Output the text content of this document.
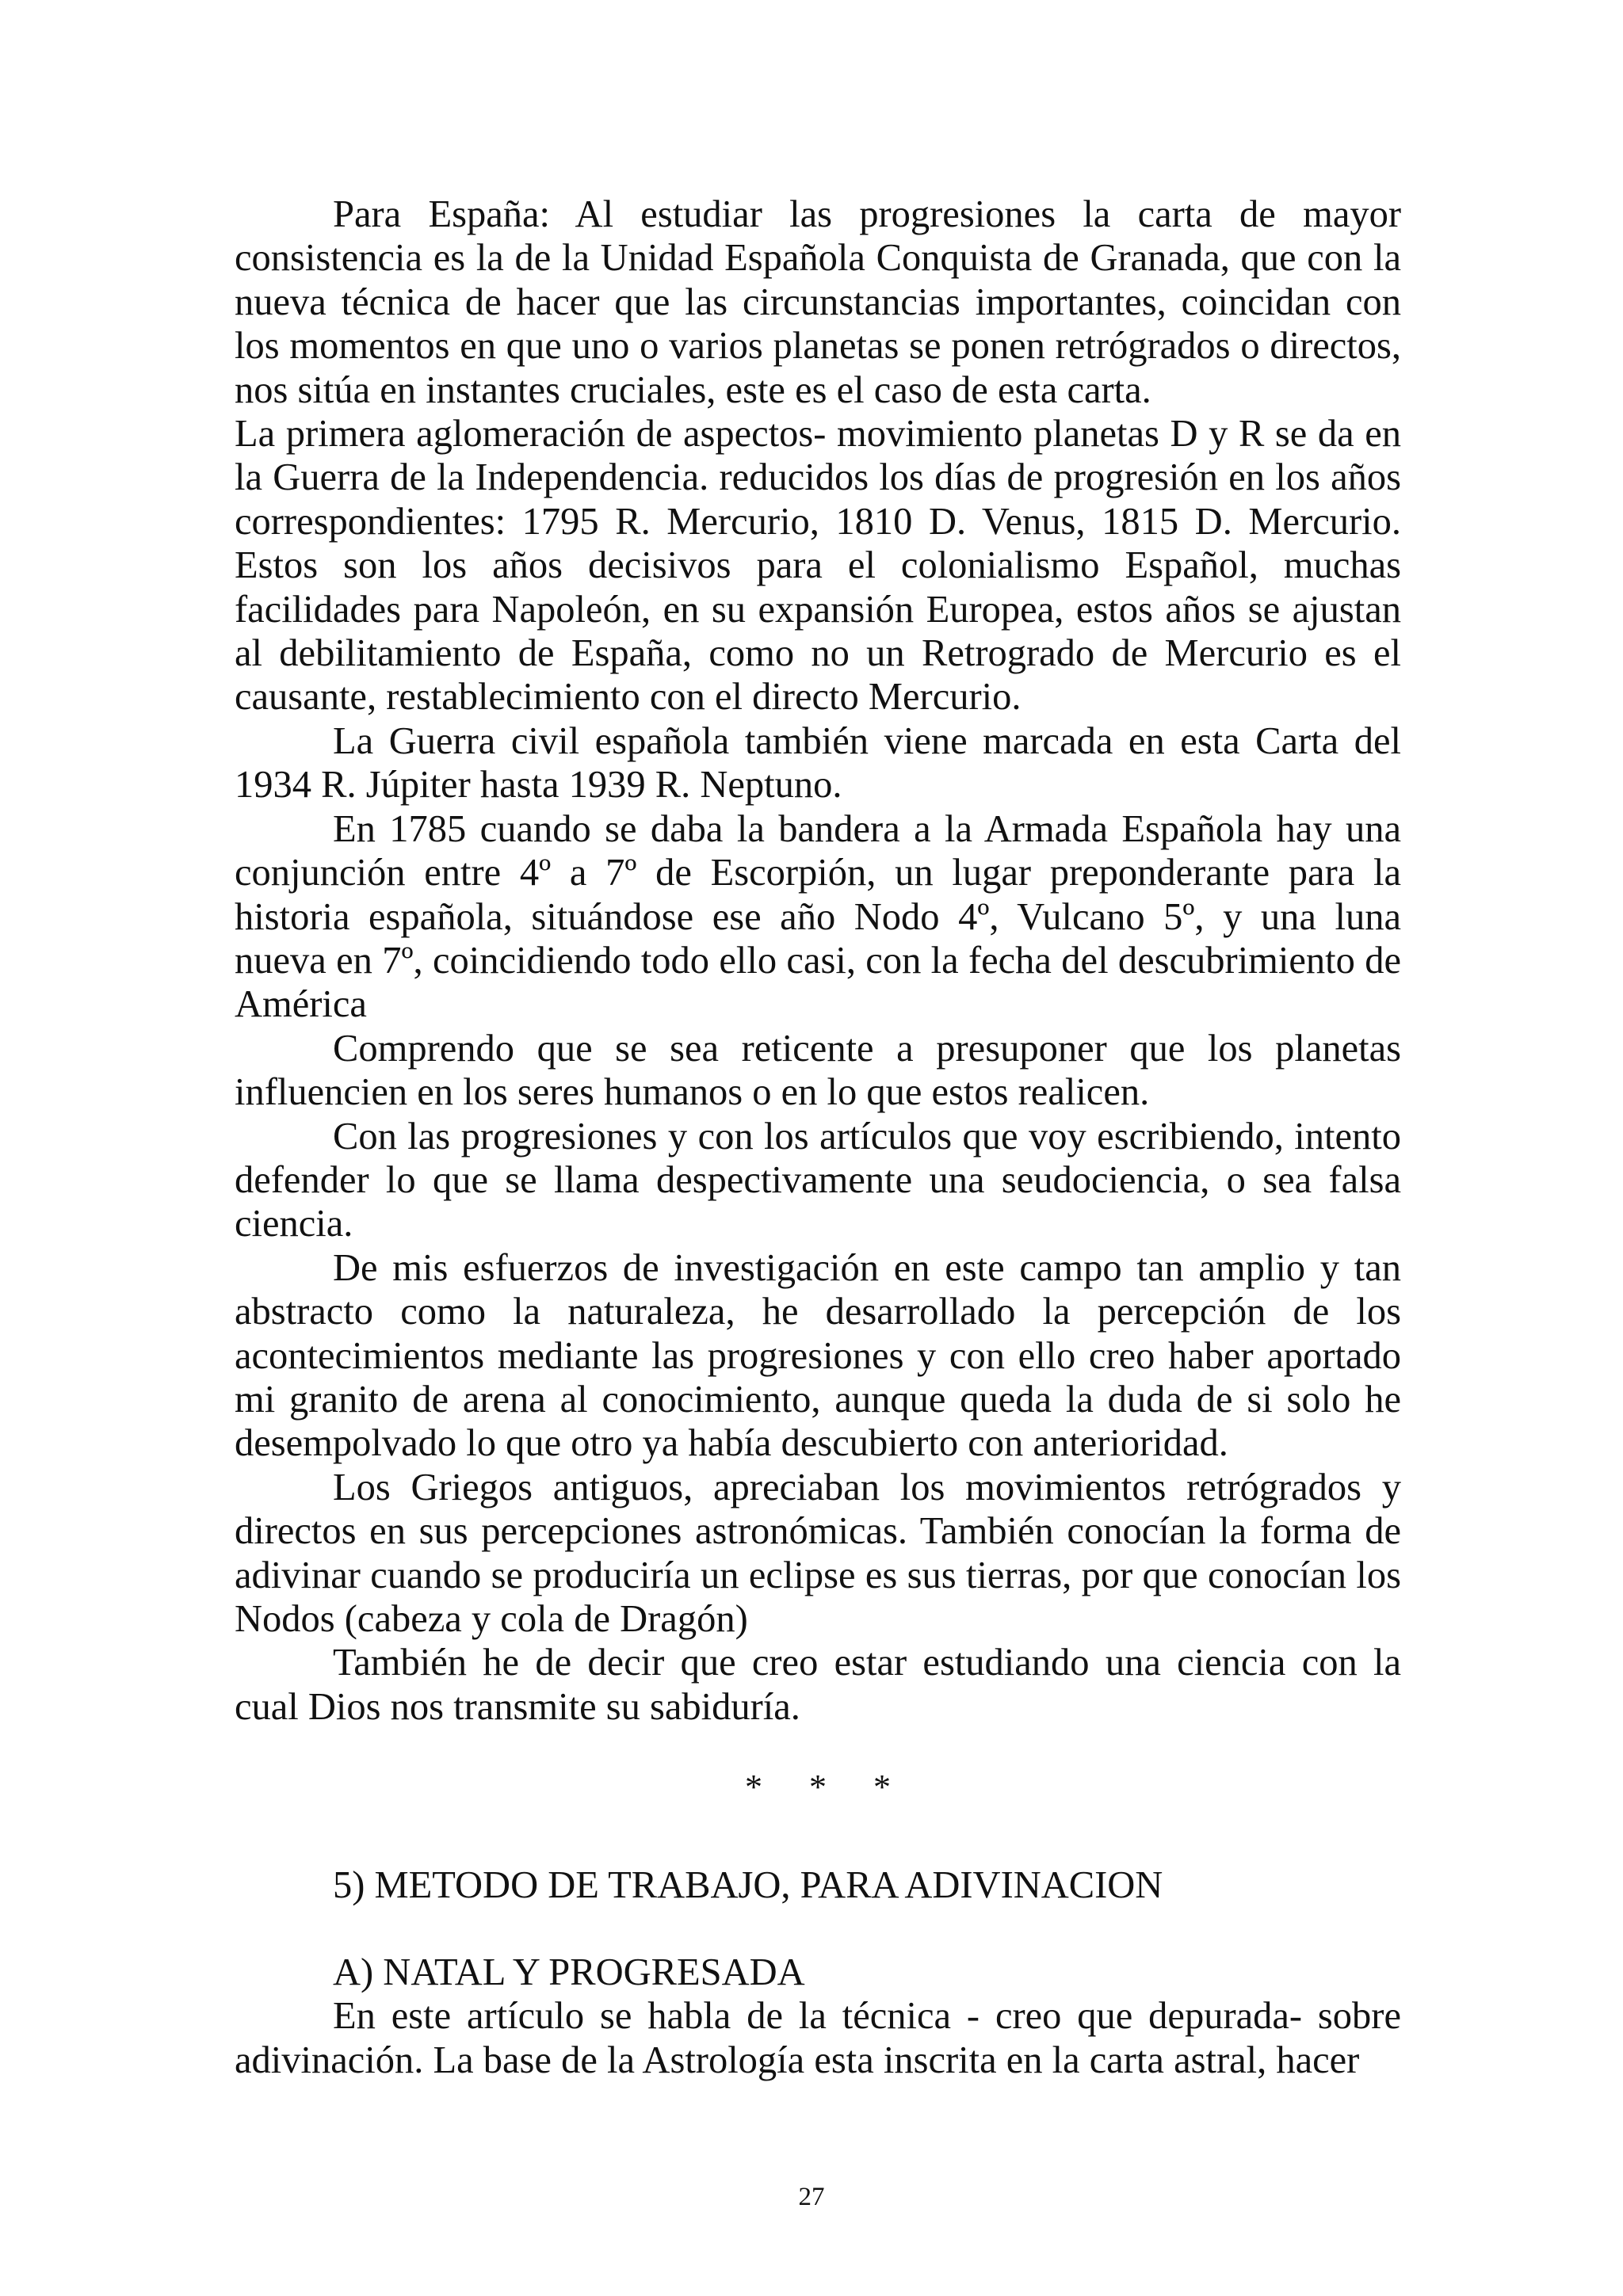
Para España: Al estudiar las progresiones la carta de mayor consistencia es la de la Unidad Española Conquista de Granada, que con la nueva técnica de hacer que las circunstancias importantes, coincidan con los momentos en que uno o varios planetas se ponen retrógrados o directos, nos sitúa en instantes cruciales, este es el caso de esta carta.

La primera aglomeración de aspectos- movimiento planetas D y R se da en la Guerra de la Independencia. reducidos los días de progresión en los años correspondientes: 1795 R. Mercurio, 1810 D. Venus, 1815 D. Mercurio. Estos son los años decisivos para el colonialismo Español, muchas facilidades para Napoleón, en su expansión Europea, estos años se ajustan al debilitamiento de España, como no un Retrogrado de Mercurio es el causante, restablecimiento con el directo Mercurio.

La Guerra civil española también viene marcada en esta Carta del 1934 R. Júpiter hasta 1939 R. Neptuno.

En 1785 cuando se daba la bandera a la Armada Española hay una conjunción entre 4º a 7º de Escorpión, un lugar preponderante para la historia española, situándose ese año Nodo 4º, Vulcano 5º, y una luna nueva en 7º, coincidiendo todo ello casi, con la fecha del descubrimiento de América

Comprendo que se sea reticente a presuponer que los planetas influencien en los seres humanos o en lo que estos realicen.

Con las progresiones y con los artículos que voy escribiendo, intento defender lo que se llama despectivamente una seudociencia, o sea falsa ciencia.

De mis esfuerzos de investigación en este campo tan amplio y tan abstracto como la naturaleza, he desarrollado la percepción de los acontecimientos mediante las progresiones y con ello creo haber aportado mi granito de arena al conocimiento, aunque queda la duda de si solo he desempolvado lo que otro ya había descubierto con anterioridad.

Los Griegos antiguos, apreciaban los movimientos retrógrados y directos en sus percepciones astronómicas. También conocían la forma de adivinar cuando se produciría un eclipse es sus tierras, por que conocían los Nodos (cabeza y cola de Dragón)

También he de decir que creo estar estudiando una ciencia con la cual Dios nos transmite su sabiduría.

* * *

5) METODO DE TRABAJO, PARA ADIVINACION

A) NATAL Y PROGRESADA

En este artículo se habla de la técnica - creo que depurada- sobre adivinación. La base de la Astrología esta inscrita en la carta astral, hacer

27
